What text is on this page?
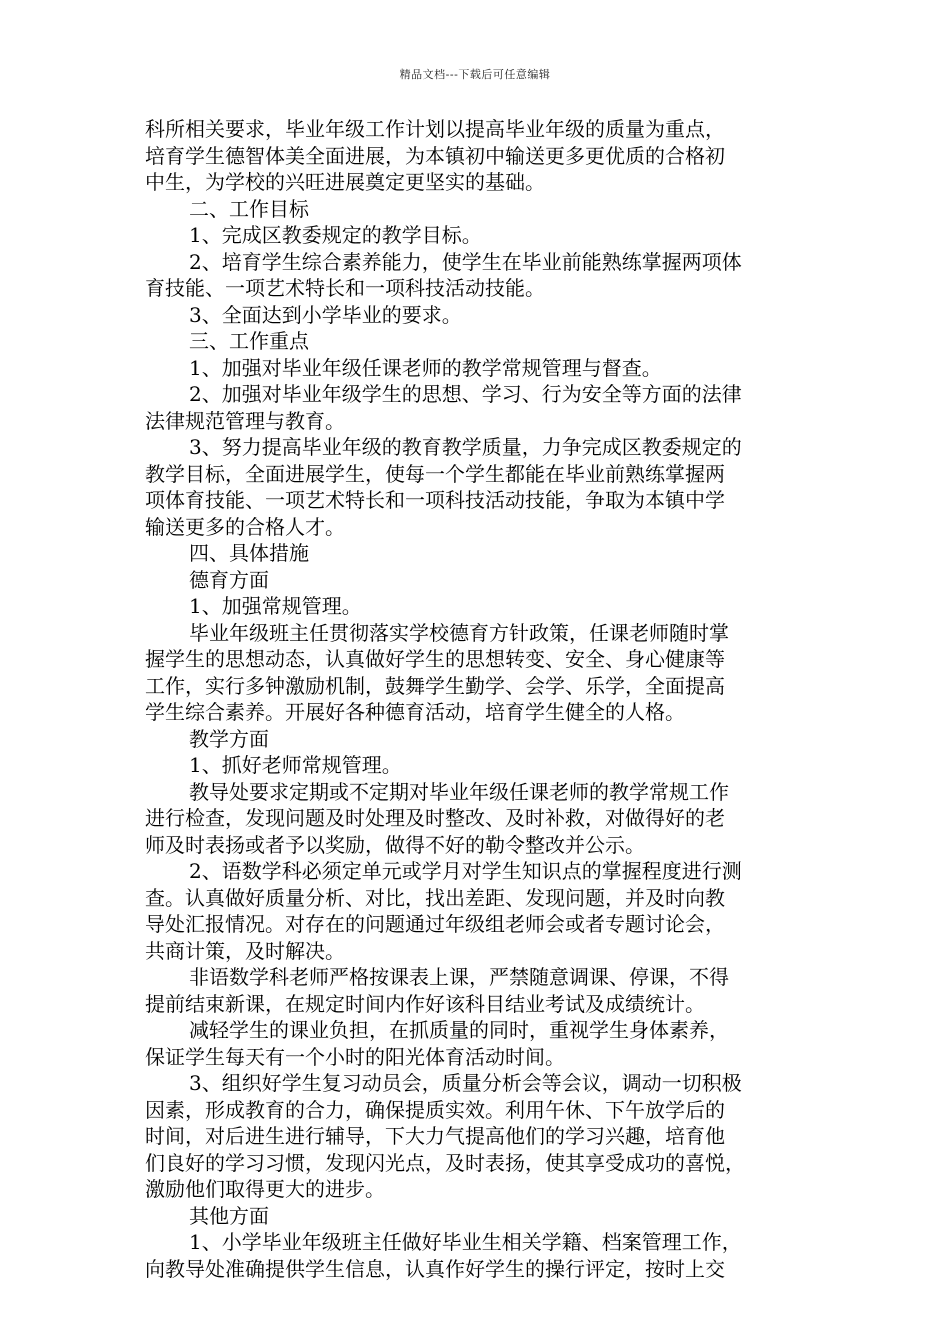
精品文档---下载后可任意编辑

科所相关要求，毕业年级工作计划以提高毕业年级的质量为重点，

培育学生德智体美全面进展，为本镇初中输送更多更优质的合格初

中生，为学校的兴旺进展奠定更坚实的基础。

二、工作目标

1、完成区教委规定的教学目标。

2、培育学生综合素养能力，使学生在毕业前能熟练掌握两项体

育技能、一项艺术特长和一项科技活动技能。

3、全面达到小学毕业的要求。

三、工作重点

1、加强对毕业年级任课老师的教学常规管理与督查。

2、加强对毕业年级学生的思想、学习、行为安全等方面的法律

法律规范管理与教育。

3、努力提高毕业年级的教育教学质量，力争完成区教委规定的

教学目标，全面进展学生，使每一个学生都能在毕业前熟练掌握两

项体育技能、一项艺术特长和一项科技活动技能，争取为本镇中学

输送更多的合格人才。

四、具体措施

德育方面

1、加强常规管理。

毕业年级班主任贯彻落实学校德育方针政策，任课老师随时掌

握学生的思想动态，认真做好学生的思想转变、安全、身心健康等

工作，实行多钟激励机制，鼓舞学生勤学、会学、乐学，全面提高

学生综合素养。开展好各种德育活动，培育学生健全的人格。

教学方面

1、抓好老师常规管理。

教导处要求定期或不定期对毕业年级任课老师的教学常规工作

进行检查，发现问题及时处理及时整改、及时补救，对做得好的老

师及时表扬或者予以奖励，做得不好的勒令整改并公示。

2、语数学科必须定单元或学月对学生知识点的掌握程度进行测

查。认真做好质量分析、对比，找出差距、发现问题，并及时向教

导处汇报情况。对存在的问题通过年级组老师会或者专题讨论会，

共商计策，及时解决。

非语数学科老师严格按课表上课，严禁随意调课、停课，不得

提前结束新课，在规定时间内作好该科目结业考试及成绩统计。

减轻学生的课业负担，在抓质量的同时，重视学生身体素养，

保证学生每天有一个小时的阳光体育活动时间。

3、组织好学生复习动员会，质量分析会等会议，调动一切积极

因素，形成教育的合力，确保提质实效。利用午休、下午放学后的

时间，对后进生进行辅导，下大力气提高他们的学习兴趣，培育他

们良好的学习习惯，发现闪光点，及时表扬，使其享受成功的喜悦，

激励他们取得更大的进步。

其他方面

1、小学毕业年级班主任做好毕业生相关学籍、档案管理工作，

向教导处准确提供学生信息，认真作好学生的操行评定，按时上交
